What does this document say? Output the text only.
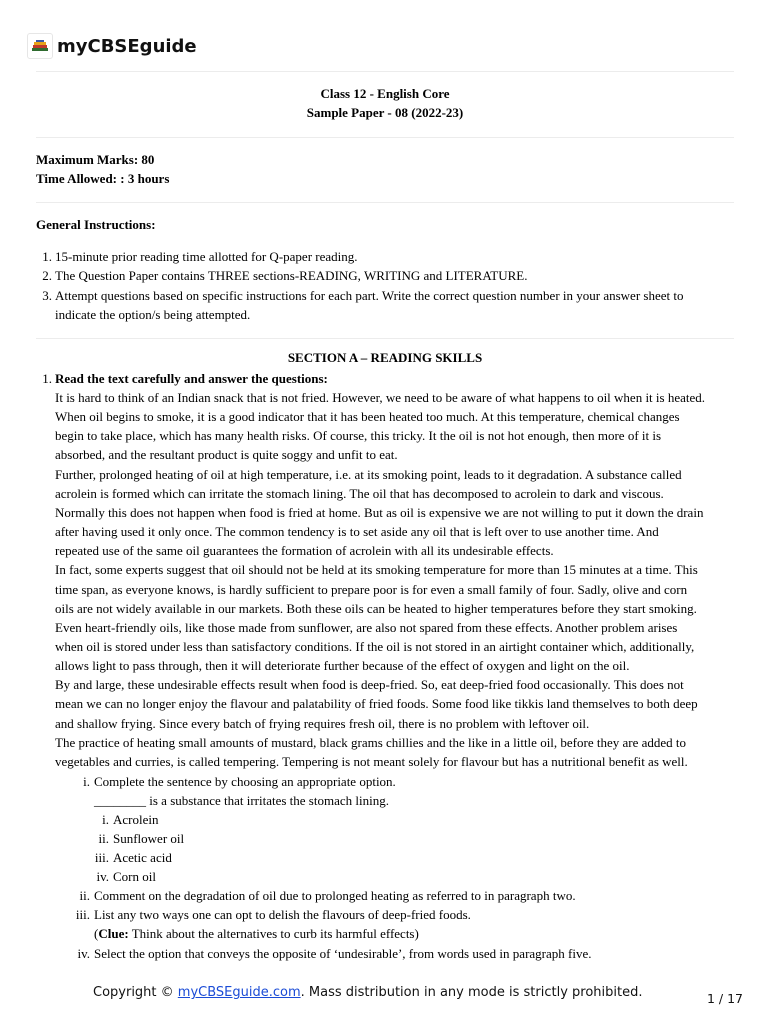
myCBSEguide
Class 12 - English Core
Sample Paper - 08 (2022-23)
Maximum Marks: 80
Time Allowed: : 3 hours
General Instructions:
1. 15-minute prior reading time allotted for Q-paper reading.
2. The Question Paper contains THREE sections-READING, WRITING and LITERATURE.
3. Attempt questions based on specific instructions for each part. Write the correct question number in your answer sheet to
indicate the option/s being attempted.
SECTION A – READING SKILLS
1. Read the text carefully and answer the questions:
It is hard to think of an Indian snack that is not fried. However, we need to be aware of what happens to oil when it is heated.
When oil begins to smoke, it is a good indicator that it has been heated too much. At this temperature, chemical changes
begin to take place, which has many health risks. Of course, this tricky. It the oil is not hot enough, then more of it is
absorbed, and the resultant product is quite soggy and unfit to eat.
Further, prolonged heating of oil at high temperature, i.e. at its smoking point, leads to it degradation. A substance called
acrolein is formed which can irritate the stomach lining. The oil that has decomposed to acrolein to dark and viscous.
Normally this does not happen when food is fried at home. But as oil is expensive we are not willing to put it down the drain
after having used it only once. The common tendency is to set aside any oil that is left over to use another time. And
repeated use of the same oil guarantees the formation of acrolein with all its undesirable effects.
In fact, some experts suggest that oil should not be held at its smoking temperature for more than 15 minutes at a time. This
time span, as everyone knows, is hardly sufficient to prepare poor is for even a small family of four. Sadly, olive and corn
oils are not widely available in our markets. Both these oils can be heated to higher temperatures before they start smoking.
Even heart-friendly oils, like those made from sunflower, are also not spared from these effects. Another problem arises
when oil is stored under less than satisfactory conditions. If the oil is not stored in an airtight container which, additionally,
allows light to pass through, then it will deteriorate further because of the effect of oxygen and light on the oil.
By and large, these undesirable effects result when food is deep-fried. So, eat deep-fried food occasionally. This does not
mean we can no longer enjoy the flavour and palatability of fried foods. Some food like tikkis land themselves to both deep
and shallow frying. Since every batch of frying requires fresh oil, there is no problem with leftover oil.
The practice of heating small amounts of mustard, black grams chillies and the like in a little oil, before they are added to
vegetables and curries, is called tempering. Tempering is not meant solely for flavour but has a nutritional benefit as well.
i. Complete the sentence by choosing an appropriate option.
________ is a substance that irritates the stomach lining.
i. Acrolein
ii. Sunflower oil
iii. Acetic acid
iv. Corn oil
ii. Comment on the degradation of oil due to prolonged heating as referred to in paragraph two.
iii. List any two ways one can opt to delish the flavours of deep-fried foods.
(Clue: Think about the alternatives to curb its harmful effects)
iv. Select the option that conveys the opposite of ‘undesirable’, from words used in paragraph five.
Copyright © myCBSEguide.com. Mass distribution in any mode is strictly prohibited.	1 / 17
